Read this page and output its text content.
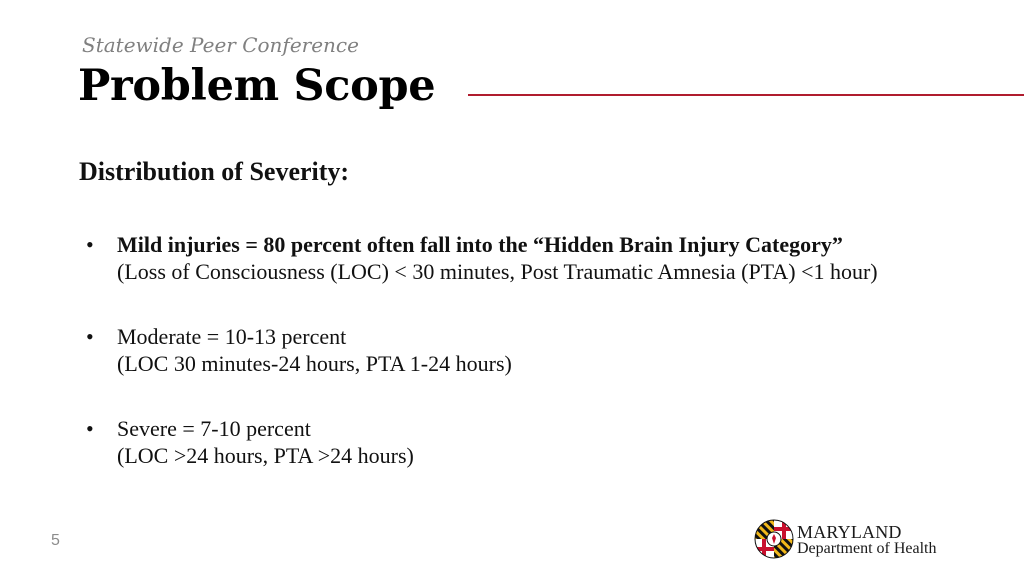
Statewide Peer Conference
Problem Scope
Distribution of Severity:
• Mild injuries = 80 percent often fall into the “Hidden Brain Injury Category”
(Loss of Consciousness (LOC) < 30 minutes, Post Traumatic Amnesia (PTA) <1 hour)
• Moderate = 10-13 percent
(LOC 30 minutes-24 hours, PTA 1-24 hours)
• Severe = 7-10 percent
(LOC >24 hours, PTA >24 hours)
5	MARYLAND
Department of Health
